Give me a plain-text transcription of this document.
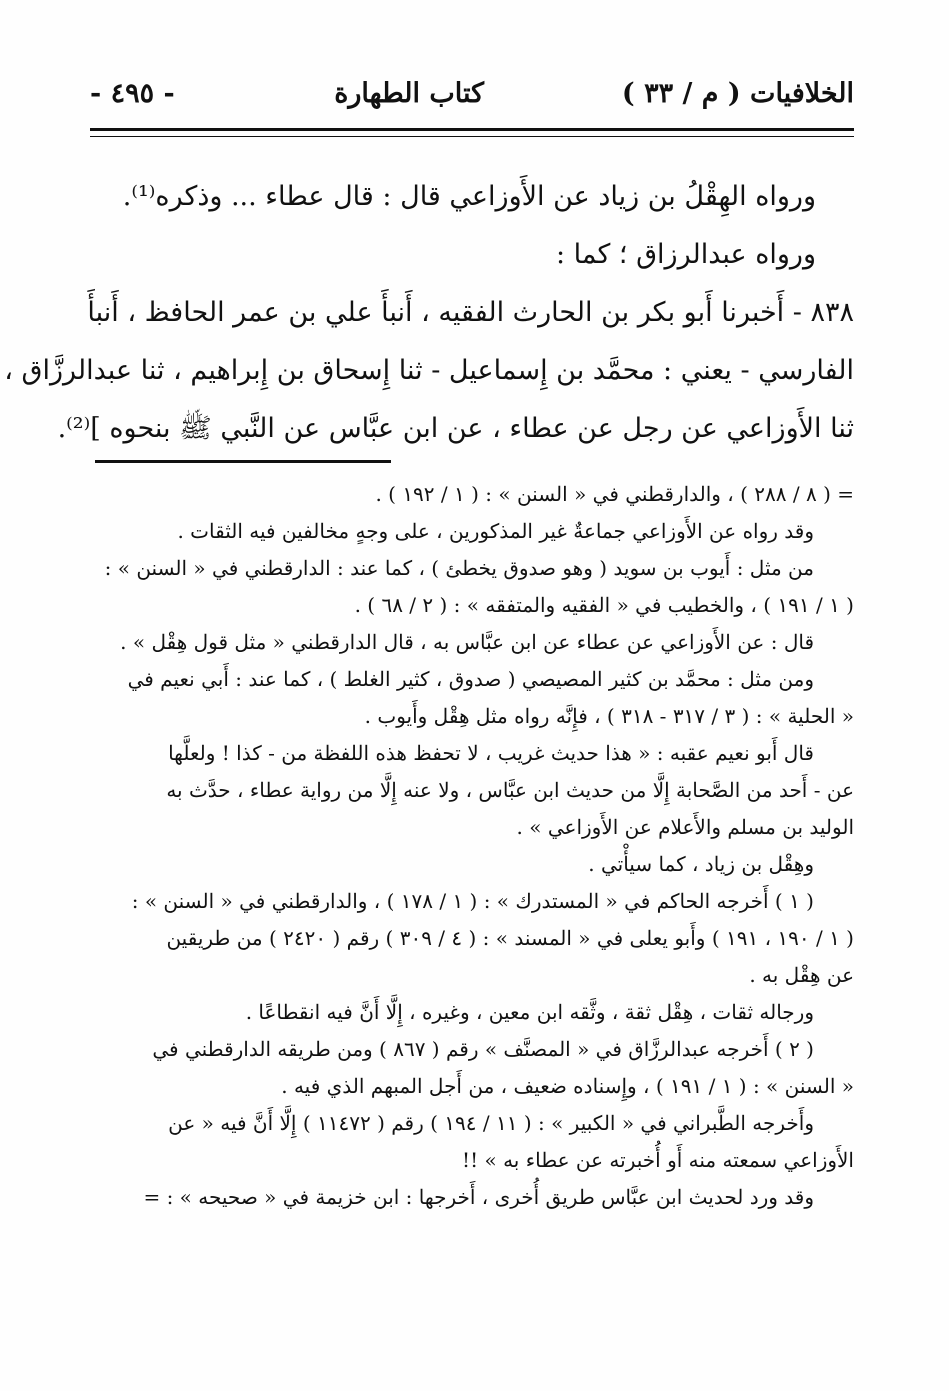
الخلافيات ( م / ٣٣ )
كتاب الطهارة
- ٤٩٥ -

ورواه الهِقْلُ بن زياد عن الأَوزاعي قال : قال عطاء ... وذكره⁽¹⁾.

ورواه عبدالرزاق ؛ كما :

٨٣٨ - أَخبرنا أَبو بكر بن الحارث الفقيه ، أَنبأَ علي بن عمر الحافظ ، أَنبأَ

الفارسي - يعني : محمَّد بن إِسماعيل - ثنا إِسحاق بن إِبراهيم ، ثنا عبدالرزَّاق ،

ثنا الأَوزاعي عن رجل عن عطاء ، عن ابن عبَّاس عن النَّبي ﷺ بنحوه ]⁽²⁾.

= ( ٨ / ٢٨٨ ) ، والدارقطني في « السنن » : ( ١ / ١٩٢ ) .

وقد رواه عن الأَوزاعي جماعةٌ غير المذكورين ، على وجهٍ مخالفين فيه الثقات .

من مثل : أَيوب بن سويد ( وهو صدوق يخطئ ) ، كما عند : الدارقطني في « السنن » :

( ١ / ١٩١ ) ، والخطيب في « الفقيه والمتفقه » : ( ٢ / ٦٨ ) .

قال : عن الأَوزاعي عن عطاء عن ابن عبَّاس به ، قال الدارقطني « مثل قول هِقْل » .

ومن مثل : محمَّد بن كثير المصيصي ( صدوق ، كثير الغلط ) ، كما عند : أَبي نعيم في

« الحلية » : ( ٣ / ٣١٧ - ٣١٨ ) ، فإِنَّه رواه مثل هِقْل وأَيوب .

قال أَبو نعيم عقبه : « هذا حديث غريب ، لا تحفظ هذه اللفظة من - كذا ! ولعلَّها

عن - أَحد من الصَّحابة إِلَّا من حديث ابن عبَّاس ، ولا عنه إِلَّا من رواية عطاء ، حدَّث به

الوليد بن مسلم والأَعلام عن الأَوزاعي » .

وهِقْل بن زياد ، كما سيأْتي .

( ١ ) أَخرجه الحاكم في « المستدرك » : ( ١ / ١٧٨ ) ، والدارقطني في « السنن » :

( ١ / ١٩٠ ، ١٩١ ) وأَبو يعلى في « المسند » : ( ٤ / ٣٠٩ ) رقم ( ٢٤٢٠ ) من طريقين

عن هِقْل به .

ورجاله ثقات ، هِقْل ثقة ، وثَّقه ابن معين ، وغيره ، إِلَّا أَنَّ فيه انقطاعًا .

( ٢ ) أَخرجه عبدالرزَّاق في « المصنَّف » رقم ( ٨٦٧ ) ومن طريقه الدارقطني في

« السنن » : ( ١ / ١٩١ ) ، وإِسناده ضعيف ، من أَجل المبهم الذي فيه .

وأَخرجه الطَّبراني في « الكبير » : ( ١١ / ١٩٤ ) رقم ( ١١٤٧٢ ) إِلَّا أَنَّ فيه « عن

الأَوزاعي سمعته منه أَو أُخبرته عن عطاء به » !!

وقد ورد لحديث ابن عبَّاس طريق أُخرى ، أَخرجها : ابن خزيمة في « صحيحه » : =
